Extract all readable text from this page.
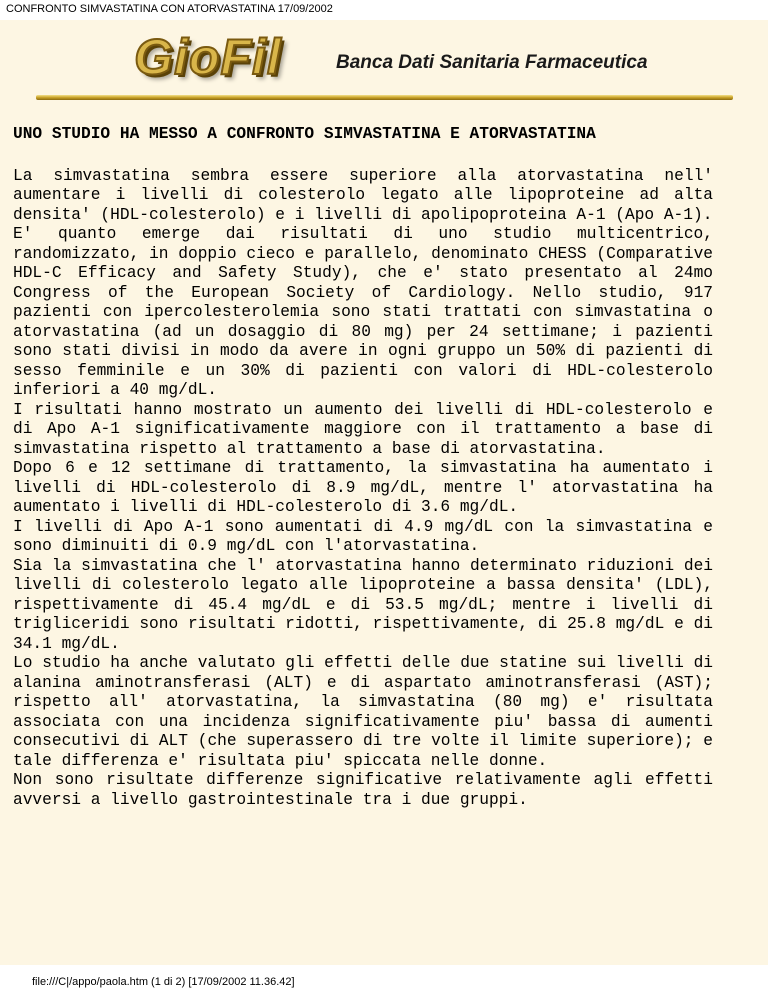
CONFRONTO SIMVASTATINA CON ATORVASTATINA 17/09/2002
GioFil	Banca Dati Sanitaria Farmaceutica
UNO STUDIO HA MESSO A CONFRONTO SIMVASTATINA E ATORVASTATINA

La simvastatina sembra essere superiore alla atorvastatina nell' aumentare i livelli di colesterolo legato alle lipoproteine ad alta densita' (HDL-colesterolo) e i livelli di apolipoproteina A-1 (Apo A-1).

E' quanto emerge dai risultati di uno studio multicentrico, randomizzato, in doppio cieco e parallelo, denominato CHESS (Comparative HDL-C Efficacy and Safety Study), che e' stato presentato al 24mo Congress of the European Society of Cardiology. Nello studio, 917 pazienti con ipercolesterolemia sono stati trattati con simvastatina o atorvastatina (ad un dosaggio di 80 mg) per 24 settimane; i pazienti sono stati divisi in modo da avere in ogni gruppo un 50% di pazienti di sesso femminile e un 30% di pazienti con valori di HDL-colesterolo inferiori a 40 mg/dL.

I risultati hanno mostrato un aumento dei livelli di HDL-colesterolo e di Apo A-1 significativamente maggiore con il trattamento a base di simvastatina rispetto al trattamento a base di atorvastatina.

Dopo 6 e 12 settimane di trattamento, la simvastatina ha aumentato i livelli di HDL-colesterolo di 8.9 mg/dL, mentre l' atorvastatina ha aumentato i livelli di HDL-colesterolo di 3.6 mg/dL.

I livelli di Apo A-1 sono aumentati di 4.9 mg/dL con la simvastatina e sono diminuiti di 0.9 mg/dL con l'atorvastatina.

Sia la simvastatina che l' atorvastatina hanno determinato riduzioni dei livelli di colesterolo legato alle lipoproteine a bassa densita' (LDL), rispettivamente di 45.4 mg/dL e di 53.5 mg/dL; mentre i livelli di trigliceridi sono risultati ridotti, rispettivamente, di 25.8 mg/dL e di 34.1 mg/dL.

Lo studio ha anche valutato gli effetti delle due statine sui livelli di alanina aminotransferasi (ALT) e di aspartato aminotransferasi (AST); rispetto all' atorvastatina, la simvastatina (80 mg) e' risultata associata con una incidenza significativamente piu' bassa di aumenti consecutivi di ALT (che superassero di tre volte il limite superiore); e tale differenza e' risultata piu' spiccata nelle donne.

Non sono risultate differenze significative relativamente agli effetti avversi a livello gastrointestinale tra i due gruppi.

file:///C|/appo/paola.htm (1 di 2) [17/09/2002 11.36.42]
